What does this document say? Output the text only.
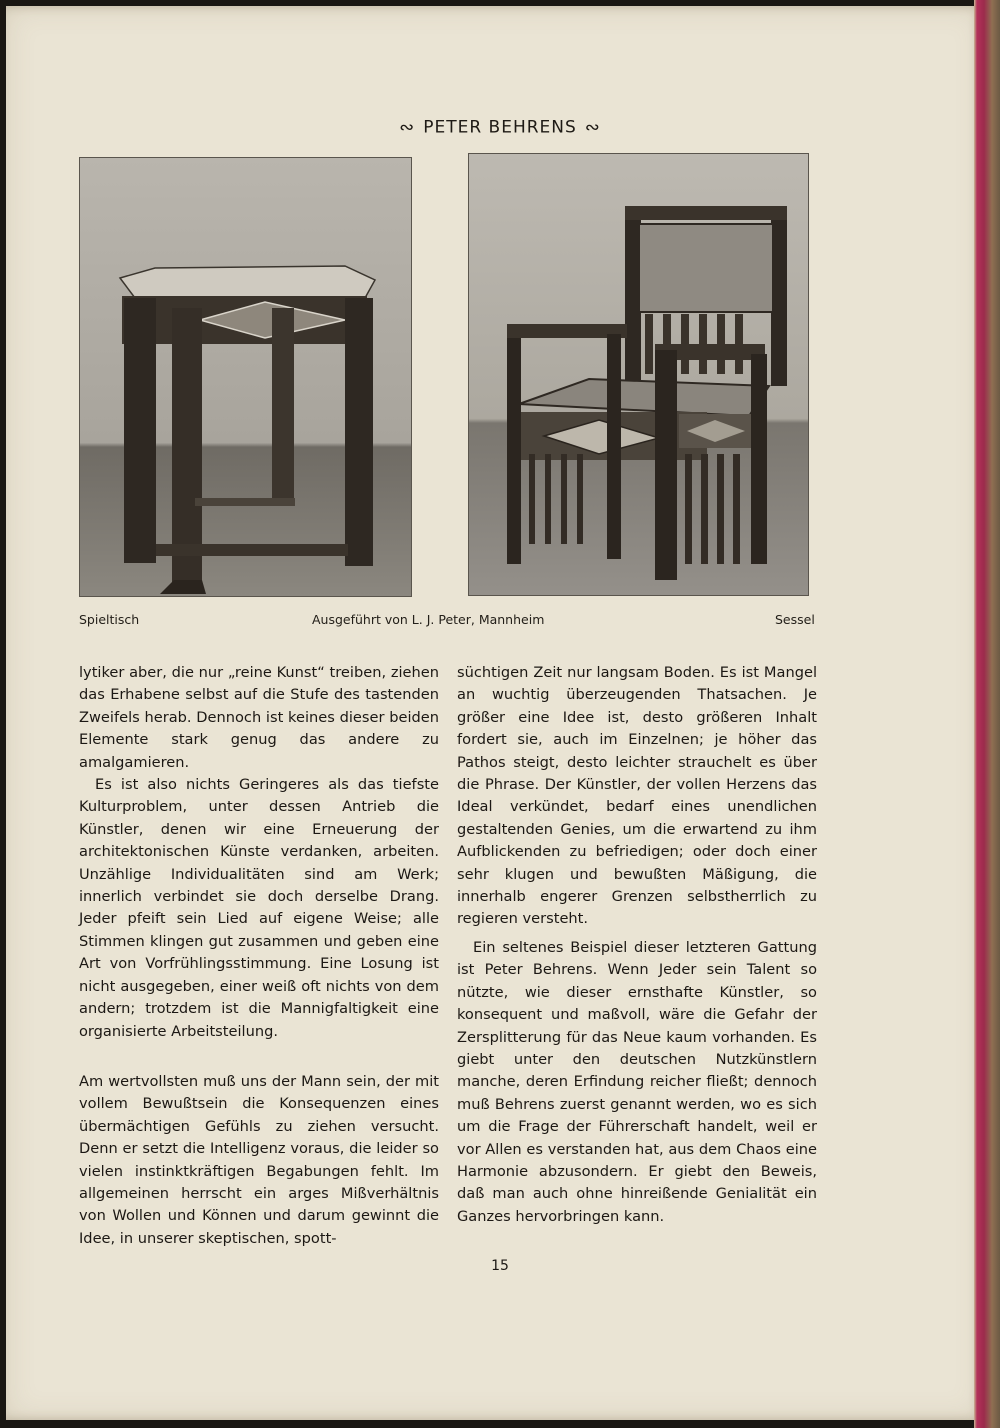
∾ PETER BEHRENS ∾
Spieltisch	Ausgeführt von L. J. Peter, Mannheim	Sessel

lytiker aber, die nur „reine Kunst“ treiben, ziehen das Erhabene selbst auf die Stufe des tastenden Zweifels herab. Dennoch ist keines dieser beiden Elemente stark genug das andere zu amalgamieren.

Es ist also nichts Geringeres als das tiefste Kulturproblem, unter dessen Antrieb die Künstler, denen wir eine Erneuerung der architektonischen Künste verdanken, arbeiten. Unzählige Individualitäten sind am Werk; innerlich verbindet sie doch derselbe Drang. Jeder pfeift sein Lied auf eigene Weise; alle Stimmen klingen gut zusammen und geben eine Art von Vorfrühlingsstimmung. Eine Losung ist nicht ausgegeben, einer weiß oft nichts von dem andern; trotzdem ist die Mannigfaltigkeit eine organisierte Arbeitsteilung.

Am wertvollsten muß uns der Mann sein, der mit vollem Bewußtsein die Konsequenzen eines übermächtigen Gefühls zu ziehen versucht. Denn er setzt die Intelligenz voraus, die leider so vielen instinktkräftigen Begabungen fehlt. Im allgemeinen herrscht ein arges Mißverhältnis von Wollen und Können und darum gewinnt die Idee, in unserer skeptischen, spott-

süchtigen Zeit nur langsam Boden. Es ist Mangel an wuchtig überzeugenden Thatsachen. Je größer eine Idee ist, desto größeren Inhalt fordert sie, auch im Einzelnen; je höher das Pathos steigt, desto leichter strauchelt es über die Phrase. Der Künstler, der vollen Herzens das Ideal verkündet, bedarf eines unendlichen gestaltenden Genies, um die erwartend zu ihm Aufblickenden zu befriedigen; oder doch einer sehr klugen und bewußten Mäßigung, die innerhalb engerer Grenzen selbstherrlich zu regieren versteht.

Ein seltenes Beispiel dieser letzteren Gattung ist Peter Behrens. Wenn Jeder sein Talent so nützte, wie dieser ernsthafte Künstler, so konsequent und maßvoll, wäre die Gefahr der Zersplitterung für das Neue kaum vorhanden. Es giebt unter den deutschen Nutzkünstlern manche, deren Erfindung reicher fließt; dennoch muß Behrens zuerst genannt werden, wo es sich um die Frage der Führerschaft handelt, weil er vor Allen es verstanden hat, aus dem Chaos eine Harmonie abzusondern. Er giebt den Beweis, daß man auch ohne hinreißende Genialität ein Ganzes hervorbringen kann.

15
